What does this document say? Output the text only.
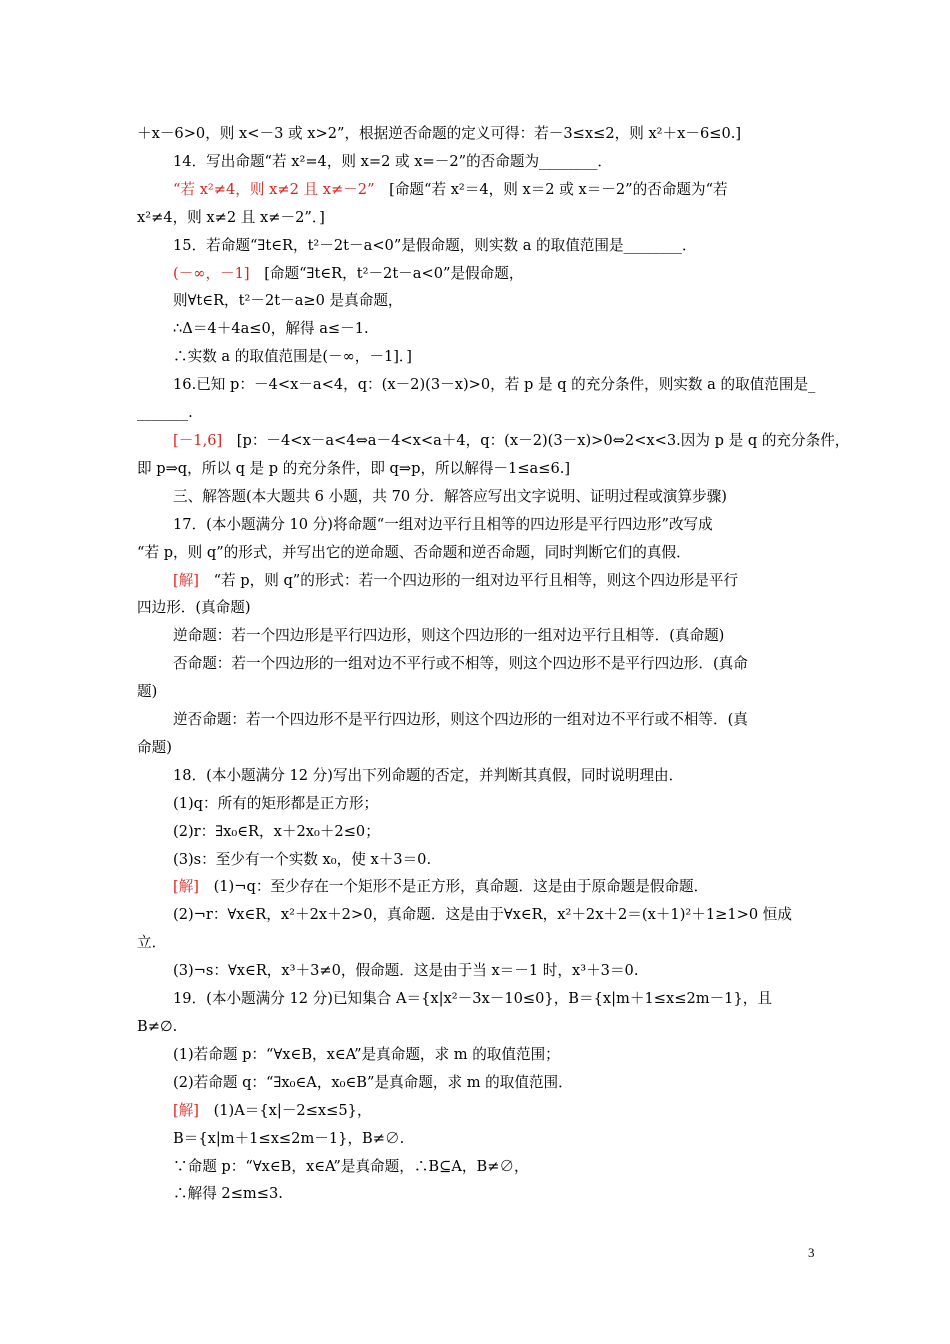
＋x－6>0，则 x<－3 或 x>2”，根据逆否命题的定义可得：若－3≤x≤2，则 x²＋x－6≤0.]
14．写出命题“若 x²=4，则 x=2 或 x=－2”的否命题为________．
“若 x²≠4，则 x≠2 且 x≠－2”　[命题“若 x²＝4，则 x＝2 或 x＝－2”的否命题为“若
x²≠4，则 x≠2 且 x≠－2”．]
15．若命题“∃t∈R，t²－2t－a<0”是假命题，则实数 a 的取值范围是________．
(－∞，－1]　[命题“∃t∈R，t²－2t－a<0”是假命题，
则∀t∈R，t²－2t－a≥0 是真命题，
∴Δ＝4＋4a≤0，解得 a≤－1.
∴实数 a 的取值范围是(－∞，－1]．]
16.已知 p：－4<x－a<4，q：(x－2)(3－x)>0，若 p 是 q 的充分条件，则实数 a 的取值范围是_
_______.
[－1,6]　[p：－4<x－a<4⇔a－4<x<a＋4，q：(x－2)(3－x)>0⇔2<x<3.因为 p 是 q 的充分条件，
即 p⇒q，所以 q 是 p 的充分条件，即 q⇒p，所以解得－1≤a≤6.]
三、解答题(本大题共 6 小题，共 70 分．解答应写出文字说明、证明过程或演算步骤)
17．(本小题满分 10 分)将命题“一组对边平行且相等的四边形是平行四边形”改写成
“若 p，则 q”的形式，并写出它的逆命题、否命题和逆否命题，同时判断它们的真假．
[解]　“若 p，则 q”的形式：若一个四边形的一组对边平行且相等，则这个四边形是平行
四边形．(真命题)
逆命题：若一个四边形是平行四边形，则这个四边形的一组对边平行且相等．(真命题)
否命题：若一个四边形的一组对边不平行或不相等，则这个四边形不是平行四边形．(真命
题)
逆否命题：若一个四边形不是平行四边形，则这个四边形的一组对边不平行或不相等．(真
命题)
18．(本小题满分 12 分)写出下列命题的否定，并判断其真假，同时说明理由．
(1)q：所有的矩形都是正方形；
(2)r：∃x₀∈R，x＋2x₀＋2≤0；
(3)s：至少有一个实数 x₀，使 x＋3＝0.
[解]　(1)¬q：至少存在一个矩形不是正方形，真命题．这是由于原命题是假命题．
(2)¬r：∀x∈R，x²＋2x＋2>0，真命题．这是由于∀x∈R，x²＋2x＋2＝(x＋1)²＋1≥1>0 恒成
立．
(3)¬s：∀x∈R，x³＋3≠0，假命题．这是由于当 x＝－1 时，x³＋3＝0.
19．(本小题满分 12 分)已知集合 A＝{x|x²－3x－10≤0}，B＝{x|m＋1≤x≤2m－1}，且
B≠∅.
(1)若命题 p：“∀x∈B，x∈A”是真命题，求 m 的取值范围；
(2)若命题 q：“∃x₀∈A，x₀∈B”是真命题，求 m 的取值范围．
[解]　(1)A＝{x|－2≤x≤5}，
B＝{x|m＋1≤x≤2m－1}，B≠∅.
∵命题 p：“∀x∈B，x∈A”是真命题，∴B⊆A，B≠∅，
∴解得 2≤m≤3.
3
